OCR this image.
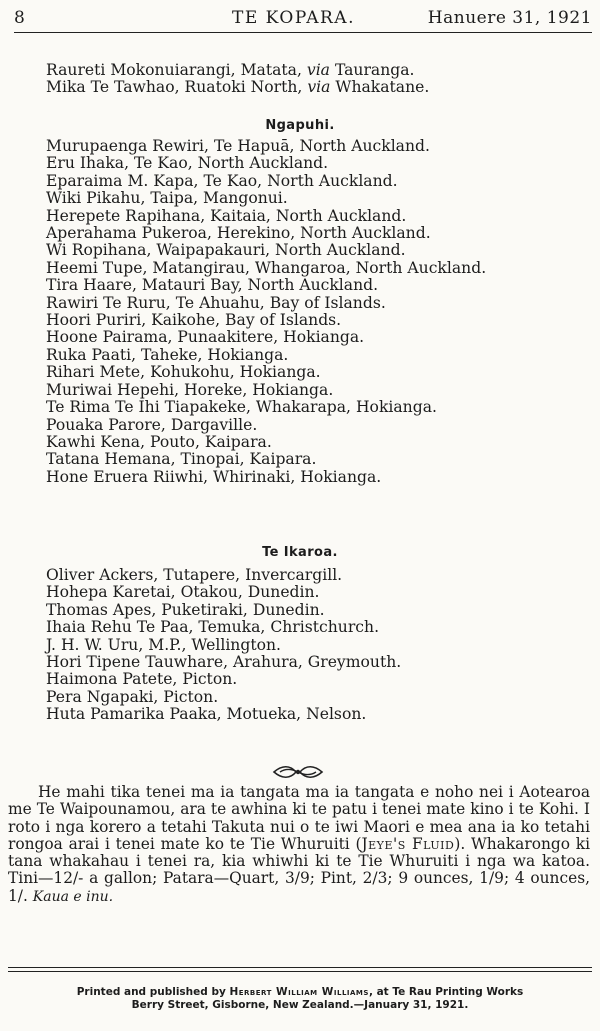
8	TE KOPARA.	Hanuere 31, 1921
Raureti Mokonuiarangi, Matata, via Tauranga.
Mika Te Tawhao, Ruatoki North, via Whakatane.
Ngapuhi.
Murupaenga Rewiri, Te Hapuā, North Auckland.
Eru Ihaka, Te Kao, North Auckland.
Eparaima M. Kapa, Te Kao, North Auckland.
Wiki Pikahu, Taipa, Mangonui.
Herepete Rapihana, Kaitaia, North Auckland.
Aperahama Pukeroa, Herekino, North Auckland.
Wi Ropihana, Waipapakauri, North Auckland.
Heemi Tupe, Matangirau, Whangaroa, North Auckland.
Tira Haare, Matauri Bay, North Auckland.
Rawiri Te Ruru, Te Ahuahu, Bay of Islands.
Hoori Puriri, Kaikohe, Bay of Islands.
Hoone Pairama, Punaakitere, Hokianga.
Ruka Paati, Taheke, Hokianga.
Rihari Mete, Kohukohu, Hokianga.
Muriwai Hepehi, Horeke, Hokianga.
Te Rima Te Ihi Tiapakeke, Whakarapa, Hokianga.
Pouaka Parore, Dargaville.
Kawhi Kena, Pouto, Kaipara.
Tatana Hemana, Tinopai, Kaipara.
Hone Eruera Riiwhi, Whirinaki, Hokianga.
Te Ikaroa.
Oliver Ackers, Tutapere, Invercargill.
Hohepa Karetai, Otakou, Dunedin.
Thomas Apes, Puketiraki, Dunedin.
Ihaia Rehu Te Paa, Temuka, Christchurch.
J. H. W. Uru, M.P., Wellington.
Hori Tipene Tauwhare, Arahura, Greymouth.
Haimona Patete, Picton.
Pera Ngapaki, Picton.
Huta Pamarika Paaka, Motueka, Nelson.
He mahi tika tenei ma ia tangata ma ia tangata e noho nei i Aotearoa me Te Waipounamou, ara te awhina ki te patu i tenei mate kino i te Kohi. I roto i nga korero a tetahi Takuta nui o te iwi Maori e mea ana ia ko tetahi rongoa arai i tenei mate ko te Tie Whuruiti (Jeye's Fluid). Whakarongo ki tana whakahau i tenei ra, kia whiwhi ki te Tie Whuruiti i nga wa katoa. Tini—12/- a gallon; Patara—Quart, 3/9; Pint, 2/3; 9 ounces, 1/9; 4 ounces, 1/. Kaua e inu.
Printed and published by Herbert William Williams, at Te Rau Printing Works
Berry Street, Gisborne, New Zealand.—January 31, 1921.
